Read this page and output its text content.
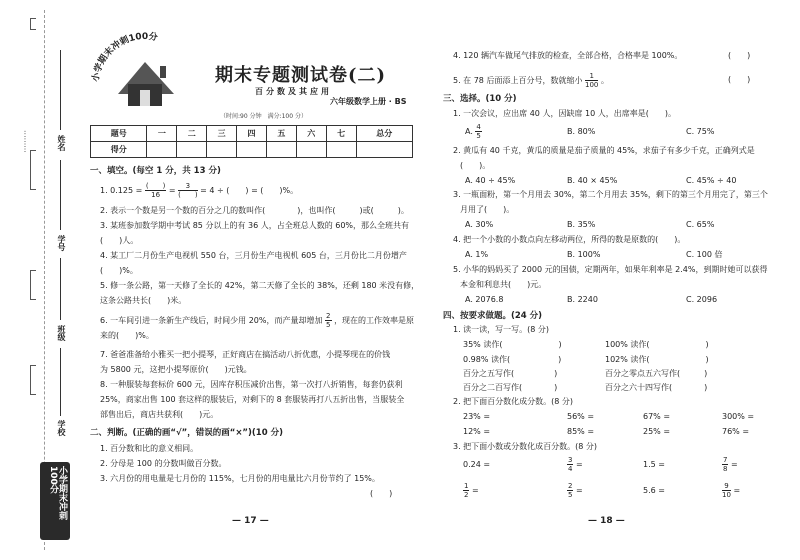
·········	姓名
学号
班级
学校
小学期末冲刺100分
小学期末冲刺100分
期末专题测试卷(二)
百分数及其应用
六年级数学上册 · BS
（时间:90 分钟　满分:100 分）
题号	一	二	三	四	五	六	七	总分
得分								
一、填空。(每空 1 分，共 13 分)
1. $0.125 = \frac{( )}{16} = \frac{3}{( )} = 4$ ÷ (　　) = (　　)%。
2. 表示一个数是另一个数的百分之几的数叫作(　　　　)，也叫作(　　　)或(　　　)。
3. 某班参加数学期中考试 85 分以上的有 36 人，占全班总人数的 60%，那么全班共有
(　　)人。
4. 某工厂二月份生产电视机 550 台，三月份生产电视机 605 台，三月份比二月份增产
(　　)%。
5. 修一条公路，第一天修了全长的 42%，第二天修了全长的 38%，还剩 180 米没有修，
这条公路共长(　　)米。
6. 一车间引进一条新生产线后，时间少用 20%，而产量却增加 $\frac{2}{5}$ ，现在的工作效率是原
来的(　　)%。
7. 爸爸准备给小雅买一把小提琴，正好商店在搞活动八折优惠，小提琴现在的价钱
为 5800 元，这把小提琴原价(　　)元钱。
8. 一种服装每套标价 600 元，因库存积压减价出售，第一次打八折销售，每套仍获利
25%，商家出售 100 套这样的服装后，对剩下的 8 套服装再打八五折出售，当服装全
部售出后，商店共获利(　　)元。
二、判断。(正确的画“√”，错误的画“×”)(10 分)
1. 百分数和比的意义相同。
2. 分母是 100 的分数叫做百分数。
3. 六月份的用电量是七月份的 115%，七月份的用电量比六月份节约了 15%。
(　　)
— 17 —
4. 120 辆汽车做尾气排放的检查，全部合格，合格率是 100%。	(　　)
5. 在 78 后面添上百分号，数就缩小 $\frac{1}{100}$ 。	(　　)
三、选择。(10 分)
1. 一次会议，应出席 40 人，因缺席 10 人，出席率是(　　)。
A. $\frac{4}{5}$	B. 80%	C. 75%
2. 黄瓜有 40 千克，黄瓜的质量是茄子质量的 45%，求茄子有多少千克，正确列式是
(　　)。
A. 40 ÷ 45%	B. 40 × 45%	C. 45% ÷ 40
3. 一瓶面粉，第一个月用去 30%，第二个月用去 35%，剩下的第三个月用完了，第三个
月用了(　　)。
A. 30%	B. 35%	C. 65%
4. 把一个小数的小数点向左移动两位，所得的数是原数的(　　)。
A. 1%	B. 100%	C. 100 倍
5. 小华的妈妈买了 2000 元的国债，定期两年，如果年利率是 2.4%，到期时她可以获得
本金和利息共(　　)元。
A. 2076.8	B. 2240	C. 2096
四、按要求做题。(24 分)
1. 读一读，写一写。(8 分)
35% 读作(　　　　　　　)	100% 读作(　　　　　　　)
0.98% 读作(　　　　　　)	102% 读作(　　　　　　　)
百分之五写作(　　　　　)	百分之零点五六写作(　　　)
百分之二百写作(　　　　)	百分之六十四写作(　　　　)
2. 把下面百分数化成分数。(8 分)
23% =	56% =	67% =	300% =
12% =	85% =	25% =	76% =
3. 把下面小数或分数化成百分数。(8 分)
0.24 =	$\frac{3}{4}$ =	1.5 =	$\frac{7}{8}$ =
$\frac{1}{2}$ =	$\frac{2}{5}$ =	5.6 =	$\frac{9}{10}$ =
— 18 —
